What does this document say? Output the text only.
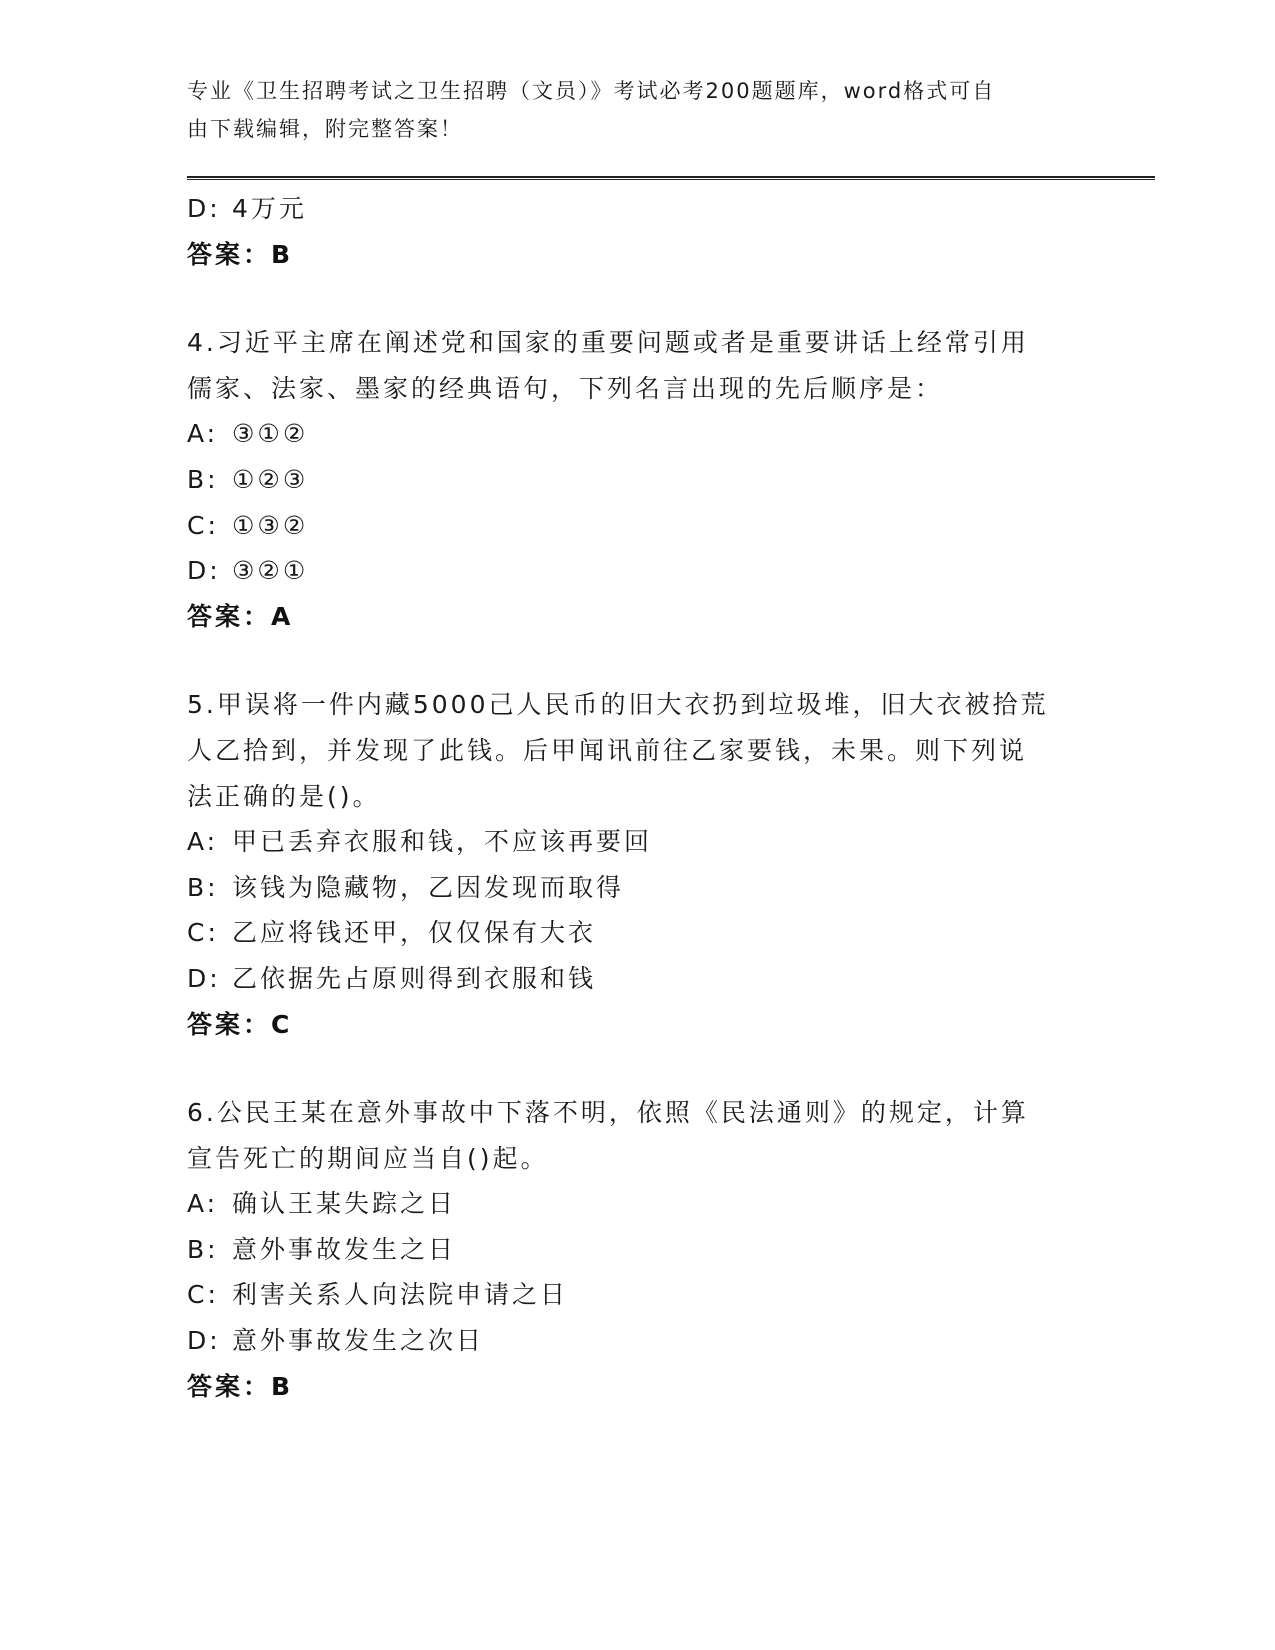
专业《卫生招聘考试之卫生招聘（文员）》考试必考200题题库，word格式可自
由下载编辑，附完整答案！
D: 4万元
答案：B
4.习近平主席在阐述党和国家的重要问题或者是重要讲话上经常引用
儒家、法家、墨家的经典语句，下列名言出现的先后顺序是：
A: ③①②
B: ①②③
C: ①③②
D: ③②①
答案：A
5.甲误将一件内藏5000己人民币的旧大衣扔到垃圾堆，旧大衣被拾荒
人乙拾到，并发现了此钱。后甲闻讯前往乙家要钱，未果。则下列说
法正确的是()。
A: 甲已丢弃衣服和钱，不应该再要回
B: 该钱为隐藏物，乙因发现而取得
C: 乙应将钱还甲，仅仅保有大衣
D: 乙依据先占原则得到衣服和钱
答案：C
6.公民王某在意外事故中下落不明，依照《民法通则》的规定，计算
宣告死亡的期间应当自()起。
A: 确认王某失踪之日
B: 意外事故发生之日
C: 利害关系人向法院申请之日
D: 意外事故发生之次日
答案：B
